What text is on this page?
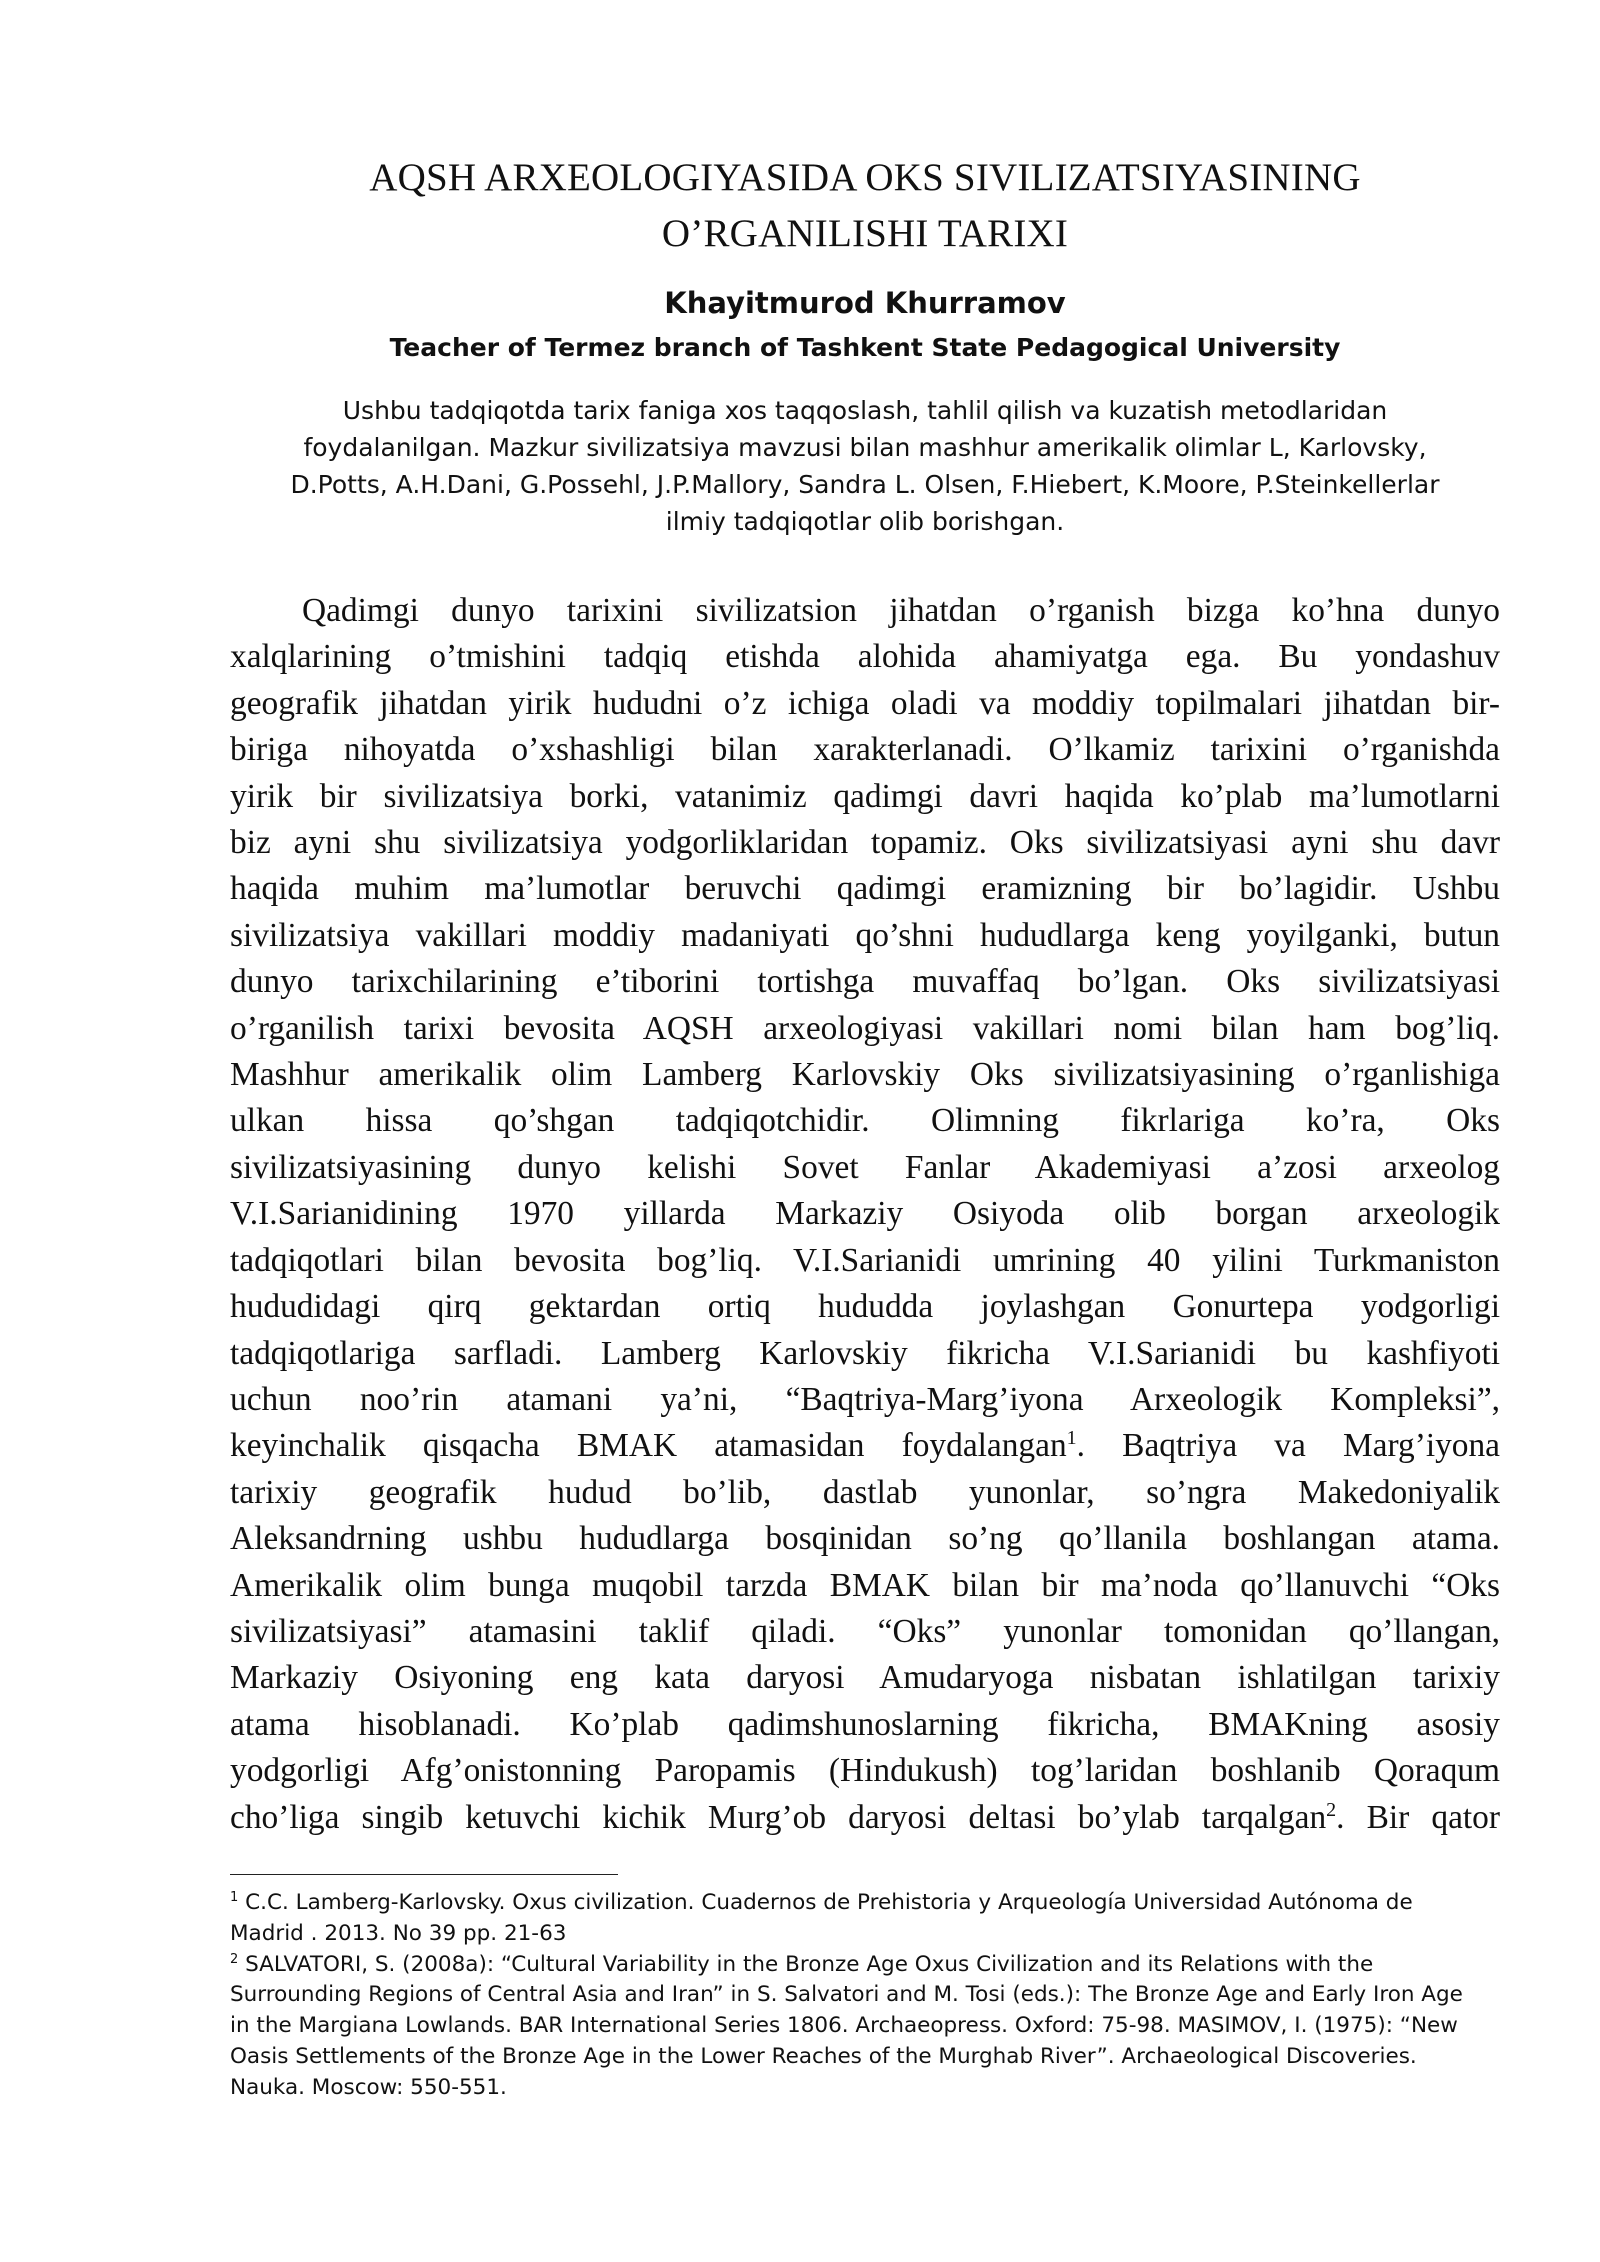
AQSH ARXEOLOGIYASIDA OKS SIVILIZATSIYASINING
O’RGANILISHI TARIXI
Khayitmurod Khurramov
Teacher of Termez branch of Tashkent State Pedagogical University
Ushbu tadqiqotda tarix faniga xos taqqoslash, tahlil qilish va kuzatish metodlaridan
foydalanilgan. Mazkur sivilizatsiya mavzusi bilan mashhur amerikalik olimlar L, Karlovsky,
D.Potts, A.H.Dani, G.Possehl, J.P.Mallory, Sandra L. Olsen, F.Hiebert, K.Moore, P.Steinkellerlar
ilmiy tadqiqotlar olib borishgan.
Qadimgi dunyo tarixini sivilizatsion jihatdan o’rganish bizga ko’hna dunyo
xalqlarining o’tmishini tadqiq etishda alohida ahamiyatga ega. Bu yondashuv
geografik jihatdan yirik hududni o’z ichiga oladi va moddiy topilmalari jihatdan bir-
biriga nihoyatda o’xshashligi bilan xarakterlanadi. O’lkamiz tarixini o’rganishda
yirik bir sivilizatsiya borki, vatanimiz qadimgi davri haqida ko’plab ma’lumotlarni
biz ayni shu sivilizatsiya yodgorliklaridan topamiz. Oks sivilizatsiyasi ayni shu davr
haqida muhim ma’lumotlar beruvchi qadimgi eramizning bir bo’lagidir. Ushbu
sivilizatsiya vakillari moddiy madaniyati qo’shni hududlarga keng yoyilganki, butun
dunyo tarixchilarining e’tiborini tortishga muvaffaq bo’lgan. Oks sivilizatsiyasi
o’rganilish tarixi bevosita AQSH arxeologiyasi vakillari nomi bilan ham bog’liq.
Mashhur amerikalik olim Lamberg Karlovskiy Oks sivilizatsiyasining o’rganlishiga
ulkan hissa qo’shgan tadqiqotchidir. Olimning fikrlariga ko’ra, Oks
sivilizatsiyasining dunyo kelishi Sovet Fanlar Akademiyasi a’zosi arxeolog
V.I.Sarianidining 1970 yillarda Markaziy Osiyoda olib borgan arxeologik
tadqiqotlari bilan bevosita bog’liq. V.I.Sarianidi umrining 40 yilini Turkmaniston
hududidagi qirq gektardan ortiq hududda joylashgan Gonurtepa yodgorligi
tadqiqotlariga sarfladi. Lamberg Karlovskiy fikricha V.I.Sarianidi bu kashfiyoti
uchun noo’rin atamani ya’ni, “Baqtriya-Marg’iyona Arxeologik Kompleksi”,
keyinchalik qisqacha BMAK atamasidan foydalangan$^1$. Baqtriya va Marg’iyona
tarixiy geografik hudud bo’lib, dastlab yunonlar, so’ngra Makedoniyalik
Aleksandrning ushbu hududlarga bosqinidan so’ng qo’llanila boshlangan atama.
Amerikalik olim bunga muqobil tarzda BMAK bilan bir ma’noda qo’llanuvchi “Oks
sivilizatsiyasi” atamasini taklif qiladi. “Oks” yunonlar tomonidan qo’llangan,
Markaziy Osiyoning eng kata daryosi Amudaryoga nisbatan ishlatilgan tarixiy
atama hisoblanadi. Ko’plab qadimshunoslarning fikricha, BMAKning asosiy
yodgorligi Afg’onistonning Paropamis (Hindukush) tog’laridan boshlanib Qoraqum
cho’liga singib ketuvchi kichik Murg’ob daryosi deltasi bo’ylab tarqalgan$^2$. Bir qator
$^1$ C.C. Lamberg-Karlovsky. Oxus civilization. Cuadernos de Prehistoria y Arqueología Universidad Autónoma de
Madrid . 2013. No 39 pp. 21-63
$^2$ SALVATORI, S. (2008a): “Cultural Variability in the Bronze Age Oxus Civilization and its Relations with the
Surrounding Regions of Central Asia and Iran” in S. Salvatori and M. Tosi (eds.): The Bronze Age and Early Iron Age
in the Margiana Lowlands. BAR International Series 1806. Archaeopress. Oxford: 75-98. MASIMOV, I. (1975): “New
Oasis Settlements of the Bronze Age in the Lower Reaches of the Murghab River”. Archaeological Discoveries.
Nauka. Moscow: 550-551.
